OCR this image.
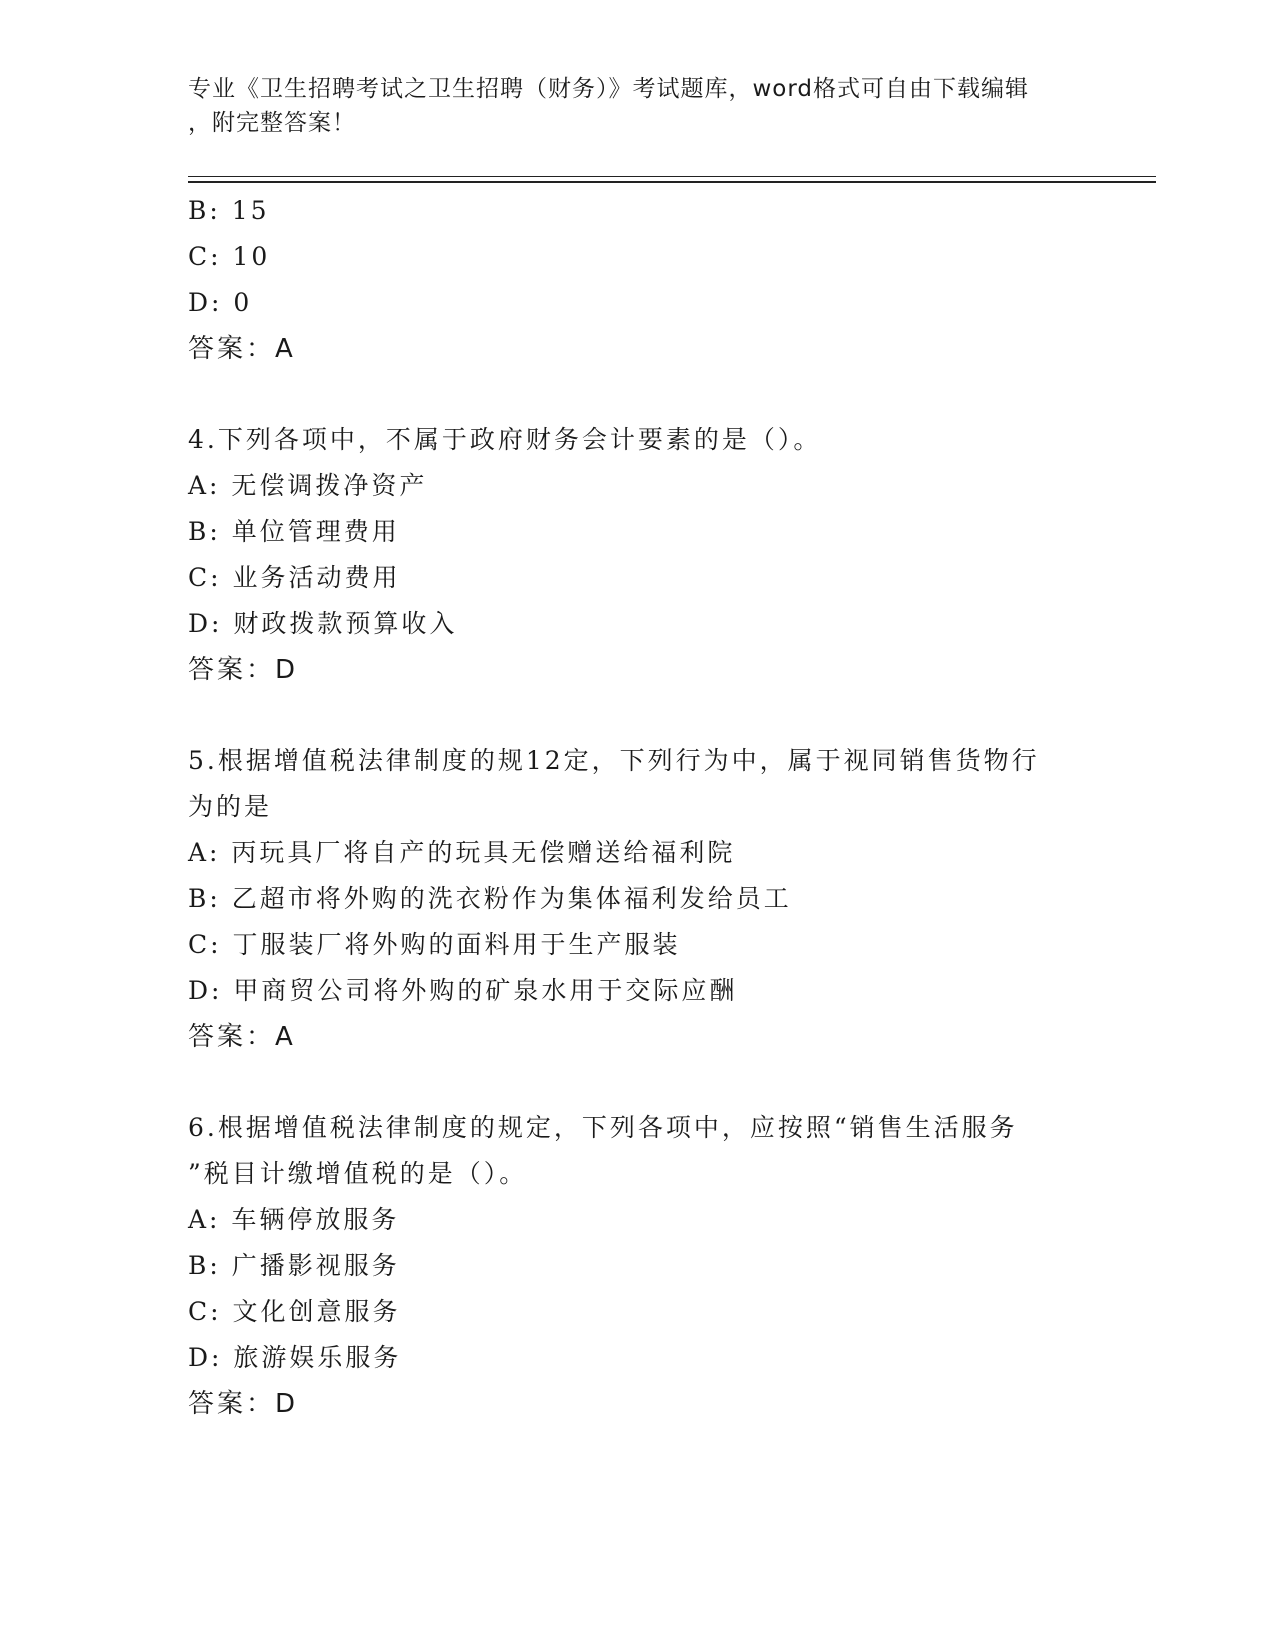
专业《卫生招聘考试之卫生招聘（财务）》考试题库，word格式可自由下载编辑
，附完整答案！
B: 15
C: 10
D: 0
答案：A
4.下列各项中，不属于政府财务会计要素的是（）。
A: 无偿调拨净资产
B: 单位管理费用
C: 业务活动费用
D: 财政拨款预算收入
答案：D
5.根据增值税法律制度的规12定，下列行为中，属于视同销售货物行
为的是
A: 丙玩具厂将自产的玩具无偿赠送给福利院
B: 乙超市将外购的洗衣粉作为集体福利发给员工
C: 丁服装厂将外购的面料用于生产服装
D: 甲商贸公司将外购的矿泉水用于交际应酬
答案：A
6.根据增值税法律制度的规定，下列各项中，应按照“销售生活服务
”税目计缴增值税的是（）。
A: 车辆停放服务
B: 广播影视服务
C: 文化创意服务
D: 旅游娱乐服务
答案：D
